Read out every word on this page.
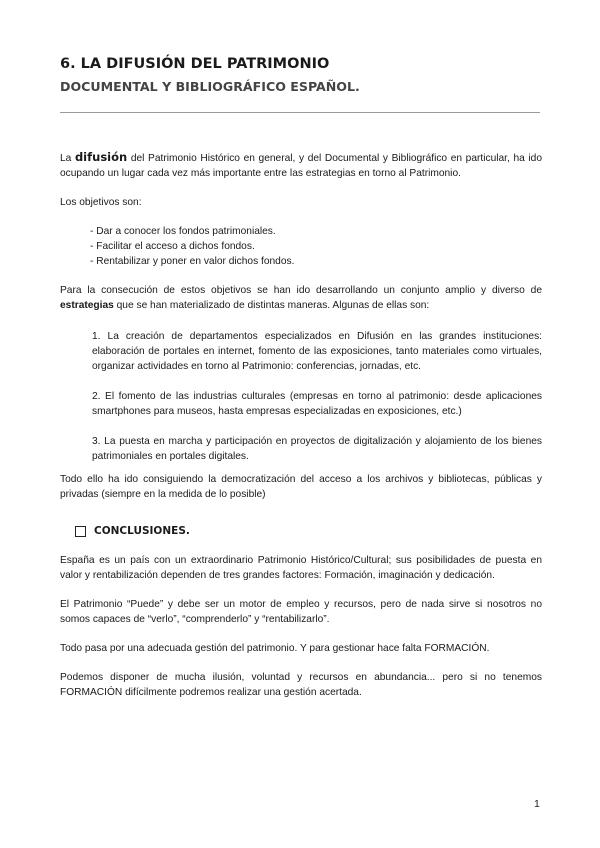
6. LA DIFUSIÓN DEL PATRIMONIO
DOCUMENTAL Y BIBLIOGRÁFICO ESPAÑOL.

La difusión del Patrimonio Histórico en general, y del Documental y Bibliográfico en particular, ha ido ocupando un lugar cada vez más importante entre las estrategias en torno al Patrimonio.

Los objetivos son:

- Dar a conocer los fondos patrimoniales.
- Facilitar el acceso a dichos fondos.
- Rentabilizar y poner en valor dichos fondos.

Para la consecución de estos objetivos se han ido desarrollando un conjunto amplio y diverso de estrategias que se han materializado de distintas maneras. Algunas de ellas son:

1. La creación de departamentos especializados en Difusión en las grandes instituciones: elaboración de portales en internet, fomento de las exposiciones, tanto materiales como virtuales, organizar actividades en torno al Patrimonio: conferencias, jornadas, etc.

2. El fomento de las industrias culturales (empresas en torno al patrimonio: desde aplicaciones smartphones para museos, hasta empresas especializadas en exposiciones, etc.)

3. La puesta en marcha y participación en proyectos de digitalización y alojamiento de los bienes patrimoniales en portales digitales.

Todo ello ha ido consiguiendo la democratización del acceso a los archivos y bibliotecas, públicas y privadas (siempre en la medida de lo posible)

CONCLUSIONES.

España es un país con un extraordinario Patrimonio Histórico/Cultural; sus posibilidades de puesta en valor y rentabilización dependen de tres grandes factores: Formación, imaginación y dedicación.

El Patrimonio “Puede” y debe ser un motor de empleo y recursos, pero de nada sirve si nosotros no somos capaces de “verlo”, “comprenderlo” y “rentabilizarlo”.

Todo pasa por una adecuada gestión del patrimonio. Y para gestionar hace falta FORMACIÓN.

Podemos disponer de mucha ilusión, voluntad y recursos en abundancia... pero si no tenemos FORMACIÓN difícilmente podremos realizar una gestión acertada.

1
